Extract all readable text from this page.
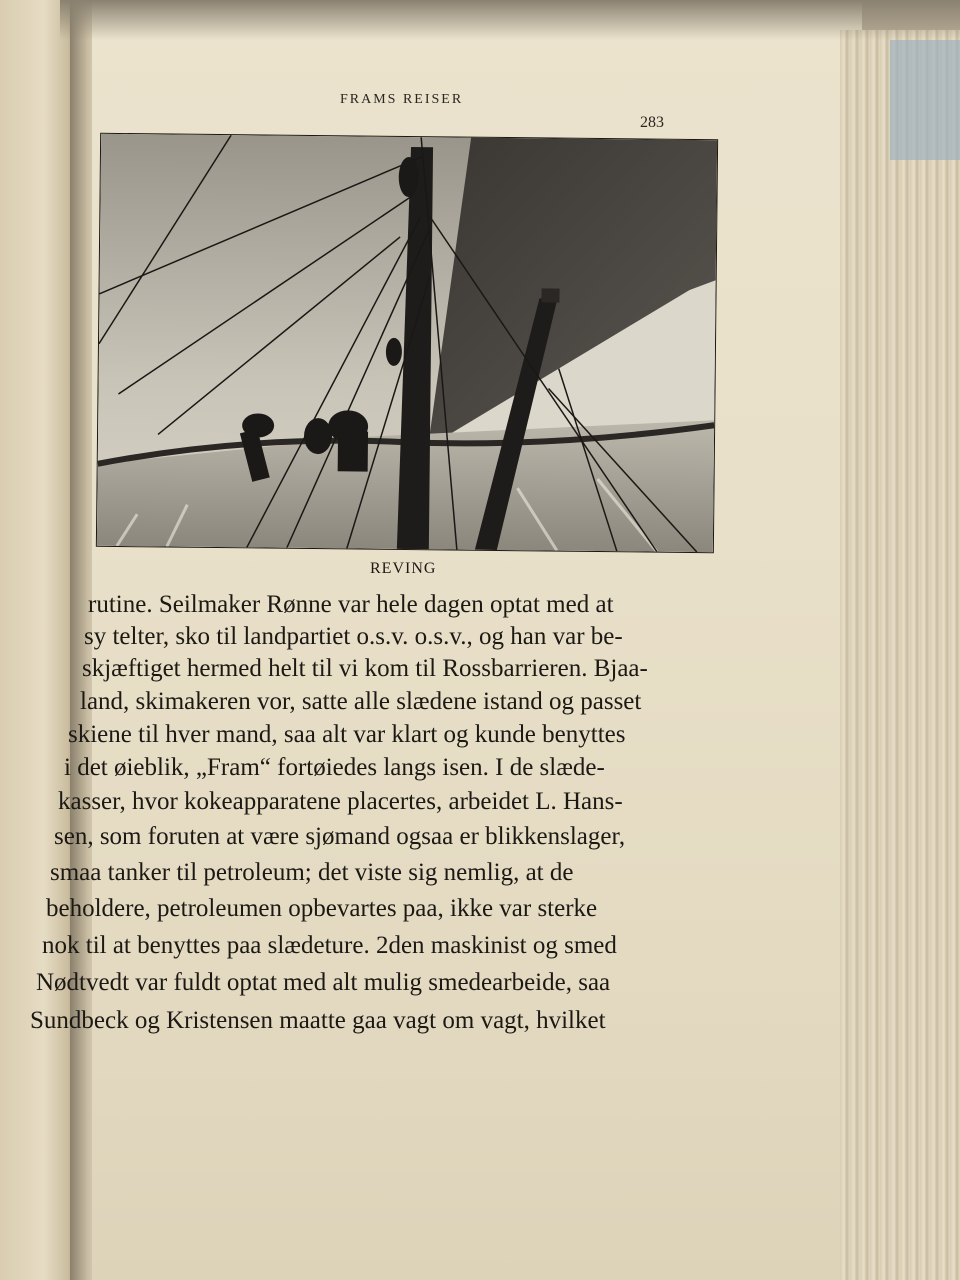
FRAMS REISER
283
REVING
rutine. Seilmaker Rønne var hele dagen optat med at
sy telter, sko til landpartiet o.s.v. o.s.v., og han var be-
skjæftiget hermed helt til vi kom til Rossbarrieren. Bjaa-
land, skimakeren vor, satte alle slædene istand og passet
skiene til hver mand, saa alt var klart og kunde benyttes
i det øieblik, „Fram“ fortøiedes langs isen. I de slæde-
kasser, hvor kokeapparatene placertes, arbeidet L. Hans-
sen, som foruten at være sjømand ogsaa er blikkenslager,
smaa tanker til petroleum; det viste sig nemlig, at de
beholdere, petroleumen opbevartes paa, ikke var sterke
nok til at benyttes paa slædeture. 2den maskinist og smed
Nødtvedt var fuldt optat med alt mulig smedearbeide, saa
Sundbeck og Kristensen maatte gaa vagt om vagt, hvilket
